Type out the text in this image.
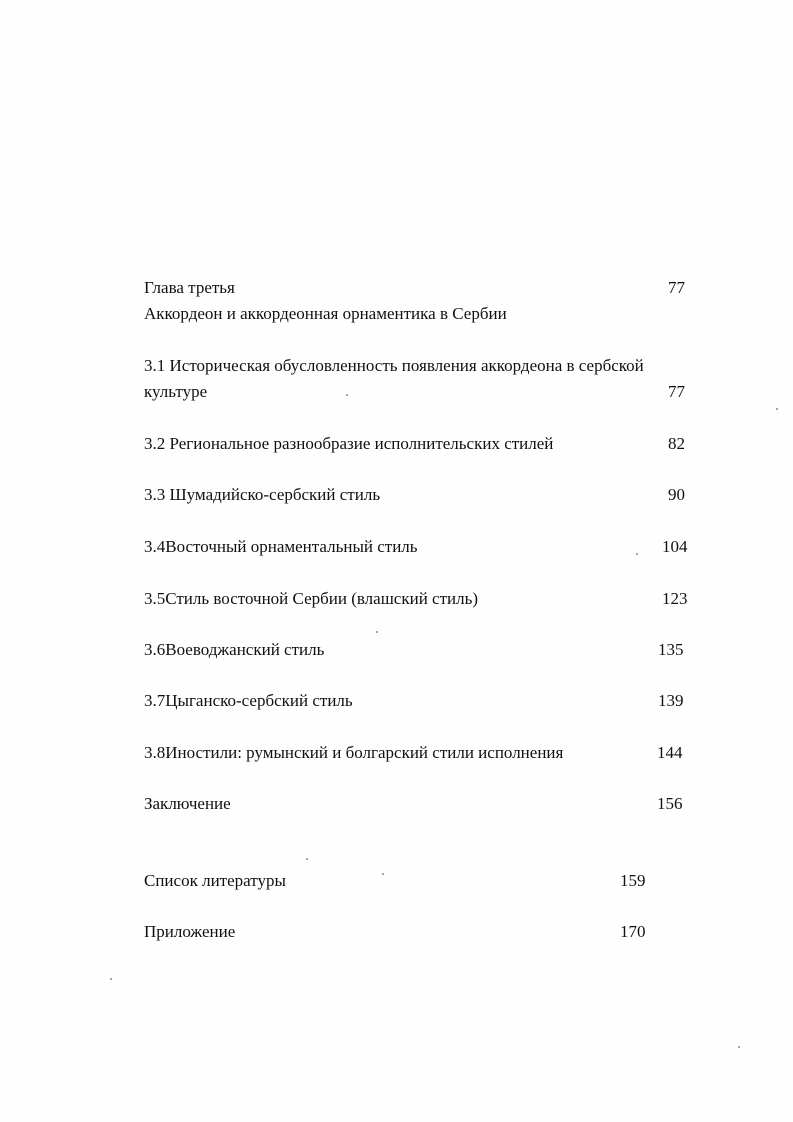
Глава третья	77
Аккордеон и аккордеонная орнаментика в Сербии
3.1 Историческая обусловленность появления аккордеона в сербской
культуре	77
3.2 Региональное разнообразие исполнительских стилей	82
3.3 Шумадийско-сербский стиль	90
3.4Восточный орнаментальный стиль	104
3.5Стиль восточной Сербии (влашский стиль)	123
3.6Воеводжанский стиль	135
3.7Цыганско-сербский стиль	139
3.8Иностили: румынский и болгарский стили исполнения	144
Заключение	156
Список литературы	159
Приложение	170
